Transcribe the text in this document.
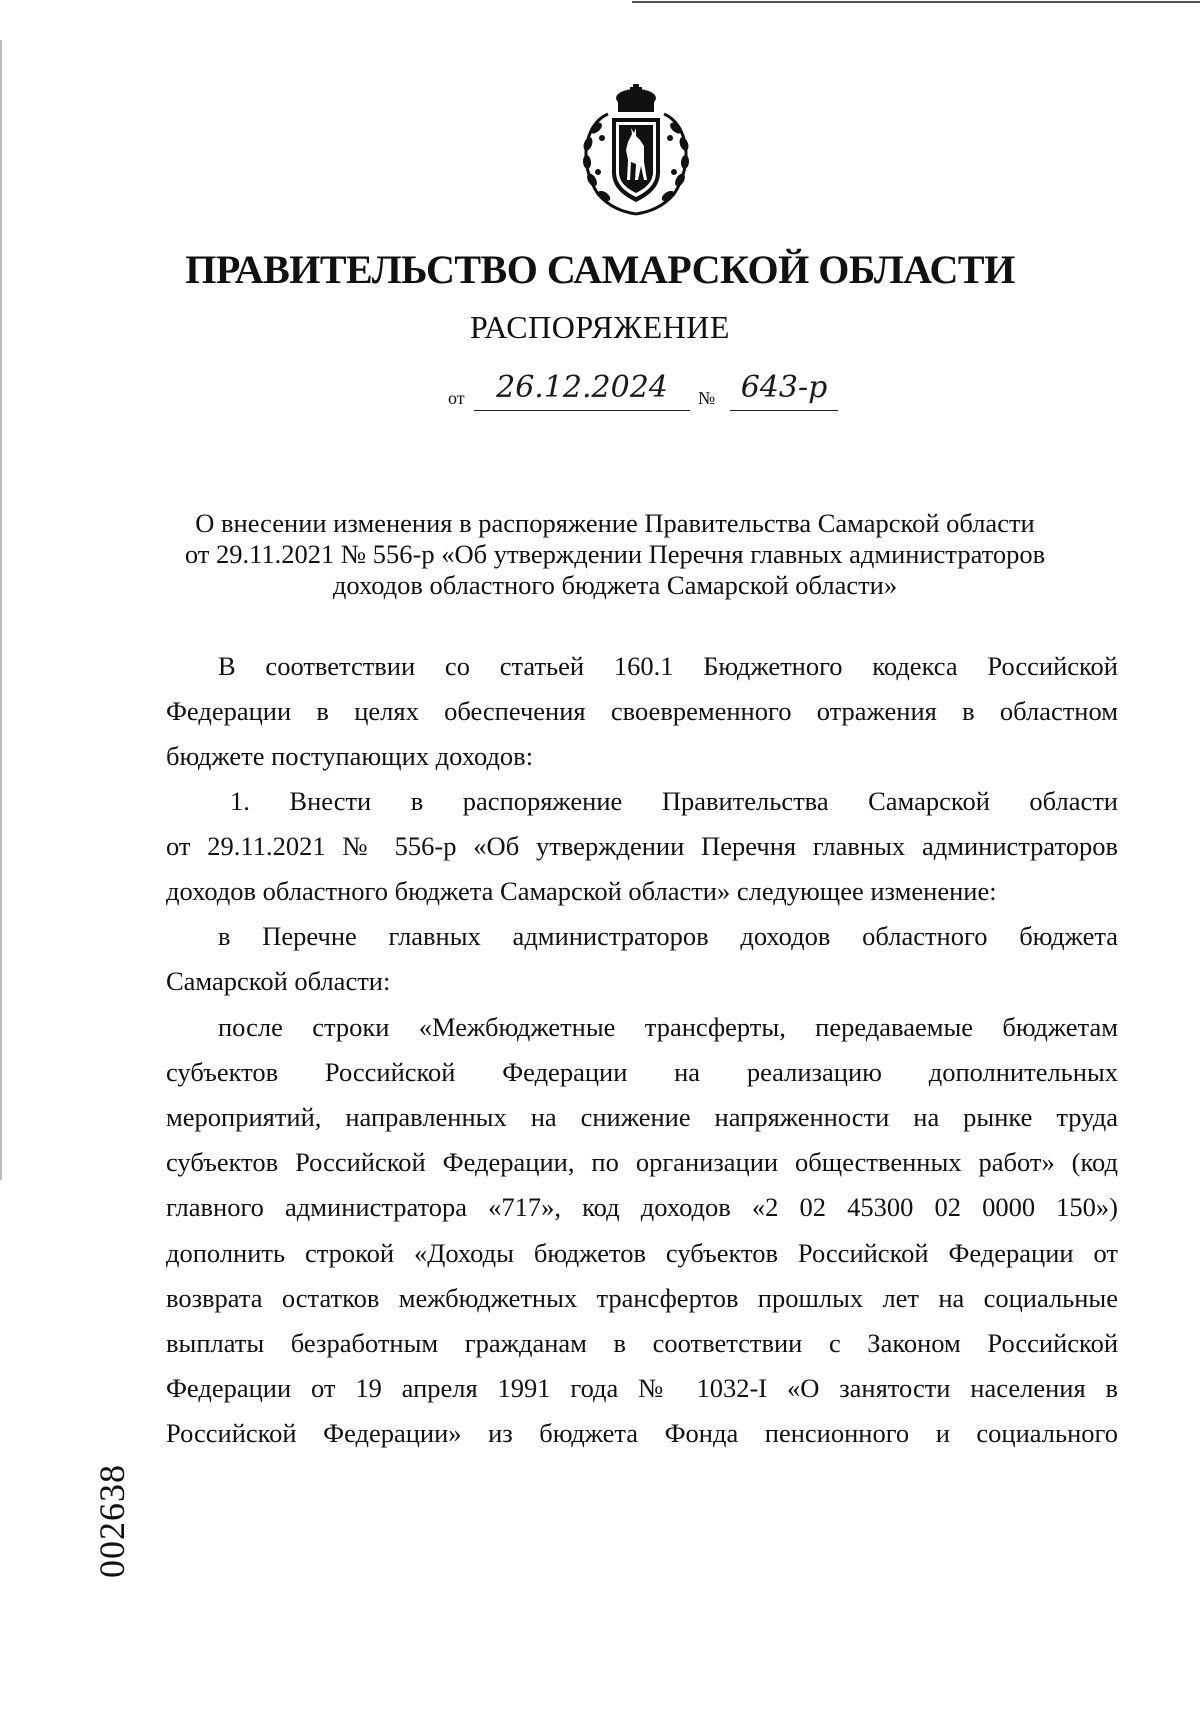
ПРАВИТЕЛЬСТВО САМАРСКОЙ ОБЛАСТИ
РАСПОРЯЖЕНИЕ
от	26.12.2024	№ 643-р
О внесении изменения в распоряжение Правительства Самарской области
от 29.11.2021 № 556-р «Об утверждении Перечня главных администраторов
доходов областного бюджета Самарской области»
В соответствии со статьей 160.1 Бюджетного кодекса Российской
Федерации в целях обеспечения своевременного отражения в областном
бюджете поступающих доходов:
1. Внести в распоряжение Правительства Самарской области
от 29.11.2021 № 556-р «Об утверждении Перечня главных администраторов
доходов областного бюджета Самарской области» следующее изменение:
в Перечне главных администраторов доходов областного бюджета
Самарской области:
после строки «Межбюджетные трансферты, передаваемые бюджетам
субъектов Российской Федерации на реализацию дополнительных
мероприятий, направленных на снижение напряженности на рынке труда
субъектов Российской Федерации, по организации общественных работ» (код
главного администратора «717», код доходов «2 02 45300 02 0000 150»)
дополнить строкой «Доходы бюджетов субъектов Российской Федерации от
возврата остатков межбюджетных трансфертов прошлых лет на социальные
выплаты безработным гражданам в соответствии с Законом Российской
Федерации от 19 апреля 1991 года № 1032-I «О занятости населения в
Российской Федерации» из бюджета Фонда пенсионного и социального
002638
